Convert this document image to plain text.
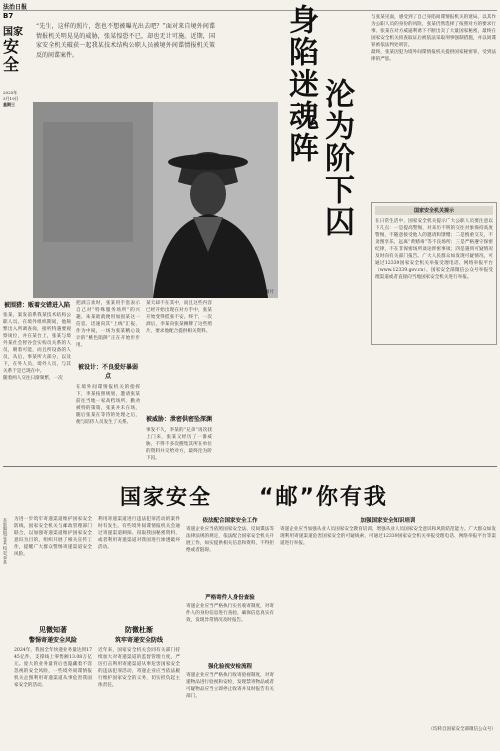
法治日报
B7
国家
安全
2025年
3月19日
星期三
“先生，这样的照片，您也不想被曝光出去吧？”面对来自境外间谍情报机关明晃晃的威胁，张某惶恐不已，却也无计可施。近期，国家安全机关破获一起我某技术结构公职人员被境外间谍情报机关策反的间谍案件。	身陷迷魂阵 沦为阶下囚
资料图片
与张某见面，感受到了自己身陷间谍情报机关的迷局。以其作为公职人员的身份的风险，张某仍然选择了按照对方的要求行事。张某在对方威逼利诱下不断出卖了大量国家秘密，最终在国家安全机关侦查取证后被依法采取刑事强制措施，并以间谍罪被依法判处刑罚。
最终，张某因犯为境外间谍情报机关提供国家秘密罪，受到法律的严惩。
国家安全机关提示
在日常生活中，国家安全机关提示广大公职人员要注意以下几点：一是提高警惕，对来历不明的交往对象保持高度警惕，不随意接受他人的邀请和馈赠；二是慎重交友，不贪图享乐，远离“黄赌毒”等不良场所；三是严格遵守保密纪律，不在非保密场所谈论涉密事项；四是遇到可疑情况及时向有关部门报告。广大人民群众如发现可疑情况，可通过12339国家安全机关举报受理电话、网络举报平台（www.12339.gov.cn）、国家安全部微信公众号举报受理渠道或者直接向当地国家安全机关进行举报。
被围猎：贩着交错进入陷
张某，案发前系我某技术结构公职人员。在境外组织期间，他频繁出入所调查岗，接听特遇要观察岗位，并在某台上，张某与境外某社会智谷会实构员关系的人员，朝着可能，而且所设备的人员，从后，事某所大部分，以及下，在外人员，境外人员，与其关系于是已现在中。
随着两人交往日渐频繁，一次
把酒言欢时，张某用手套表示自己对“特殊服务场所”的兴趣，朱某欲就便用加固某这一信息，迅速向其“上线”汇报，作为中间，一场为张某精心设计的“桃色陷阱”正在开始步步用。
被设计：不良爱好暴弱点
在境外间谍情报机关的指挥下，李某按照规划，邀请张某前往当地一家高档场所，勤劝被特的策策，张某并未在场，随后张某在等待的处理之后，便与陪侍人员发生了关系。
某天却不在其中，而且这些内容已经开始出现在对方手中，张某开始变得慌张不安。终于，一次酒后，李某向张某摊牌了这些照片，要求他配合提供相关资料。
被威胁：泄密供密坠深渊
事发不久，李某的“兄弟”再次找上门来，张某又经历了一番威胁，不得不多次搜集其所在单位的资料并交给对方，最终沦为阶下囚。
国家安全 “邮”你有我
本版编辑/张某 校对/李某 为进一步筑牢寄递渠道维护国家安全防线，国家安全机关与邮政管理部门联合，以加强寄递渠道维护国家安全意识为目的，组织开展了相关宣传工作，提醒广大群众警惕寄递渠道安全风险。
见微知著
警惕寄递安全风险
2024年，我国全年快递业务量达到1745亿件，支撑线上零售额13.08万亿元。庞大的业务量背后也隐藏着不容忽视的安全风险，一些境外间谍情报机关企图利用寄递渠道从事危害我国家安全的活动。
利用寄递渠道进行违法犯罪活动的案件时有发生。有些境外间谍情报机关会通过寄递渠道刺探、窃取我国秘密资料，或者利用寄递渠道对我国进行渗透破坏活动。
防微杜渐
筑牢寄递安全防线
近年来，国家安全机关会同有关部门持续加大对寄递渠道的监督管理力度，严厉打击利用寄递渠道从事危害国家安全的违法犯罪活动，寄递企业应当依法履行维护国家安全的义务，切实担负起主体责任。
依法配合国家安全工作
寄递企业应当依照国家安全法、反间谍法等法律法规的规定，依法配合国家安全机关开展工作，如实提供相关信息和资料，不得拒绝或者阻碍。
严格寄件人身份查验
寄递企业应当严格执行实名收寄制度，对寄件人的身份信息进行查验，确保信息真实有效，发现异常情况及时报告。
强化验视安检流程
寄递企业应当严格执行收寄验视制度，对寄递物品进行验视和安检，发现禁寄物品或者可疑物品应当立即停止收寄并及时报告有关部门。
加强国家安全知识培训
寄递企业应当加强从业人员国家安全教育培训，增强从业人员国家安全意识和风险防范能力。广大群众如发现利用寄递渠道危害国家安全的可疑线索，可通过12339国家安全机关举报受理电话、网络举报平台等渠道进行举报。
（均转自国家安全部微信公众号）
